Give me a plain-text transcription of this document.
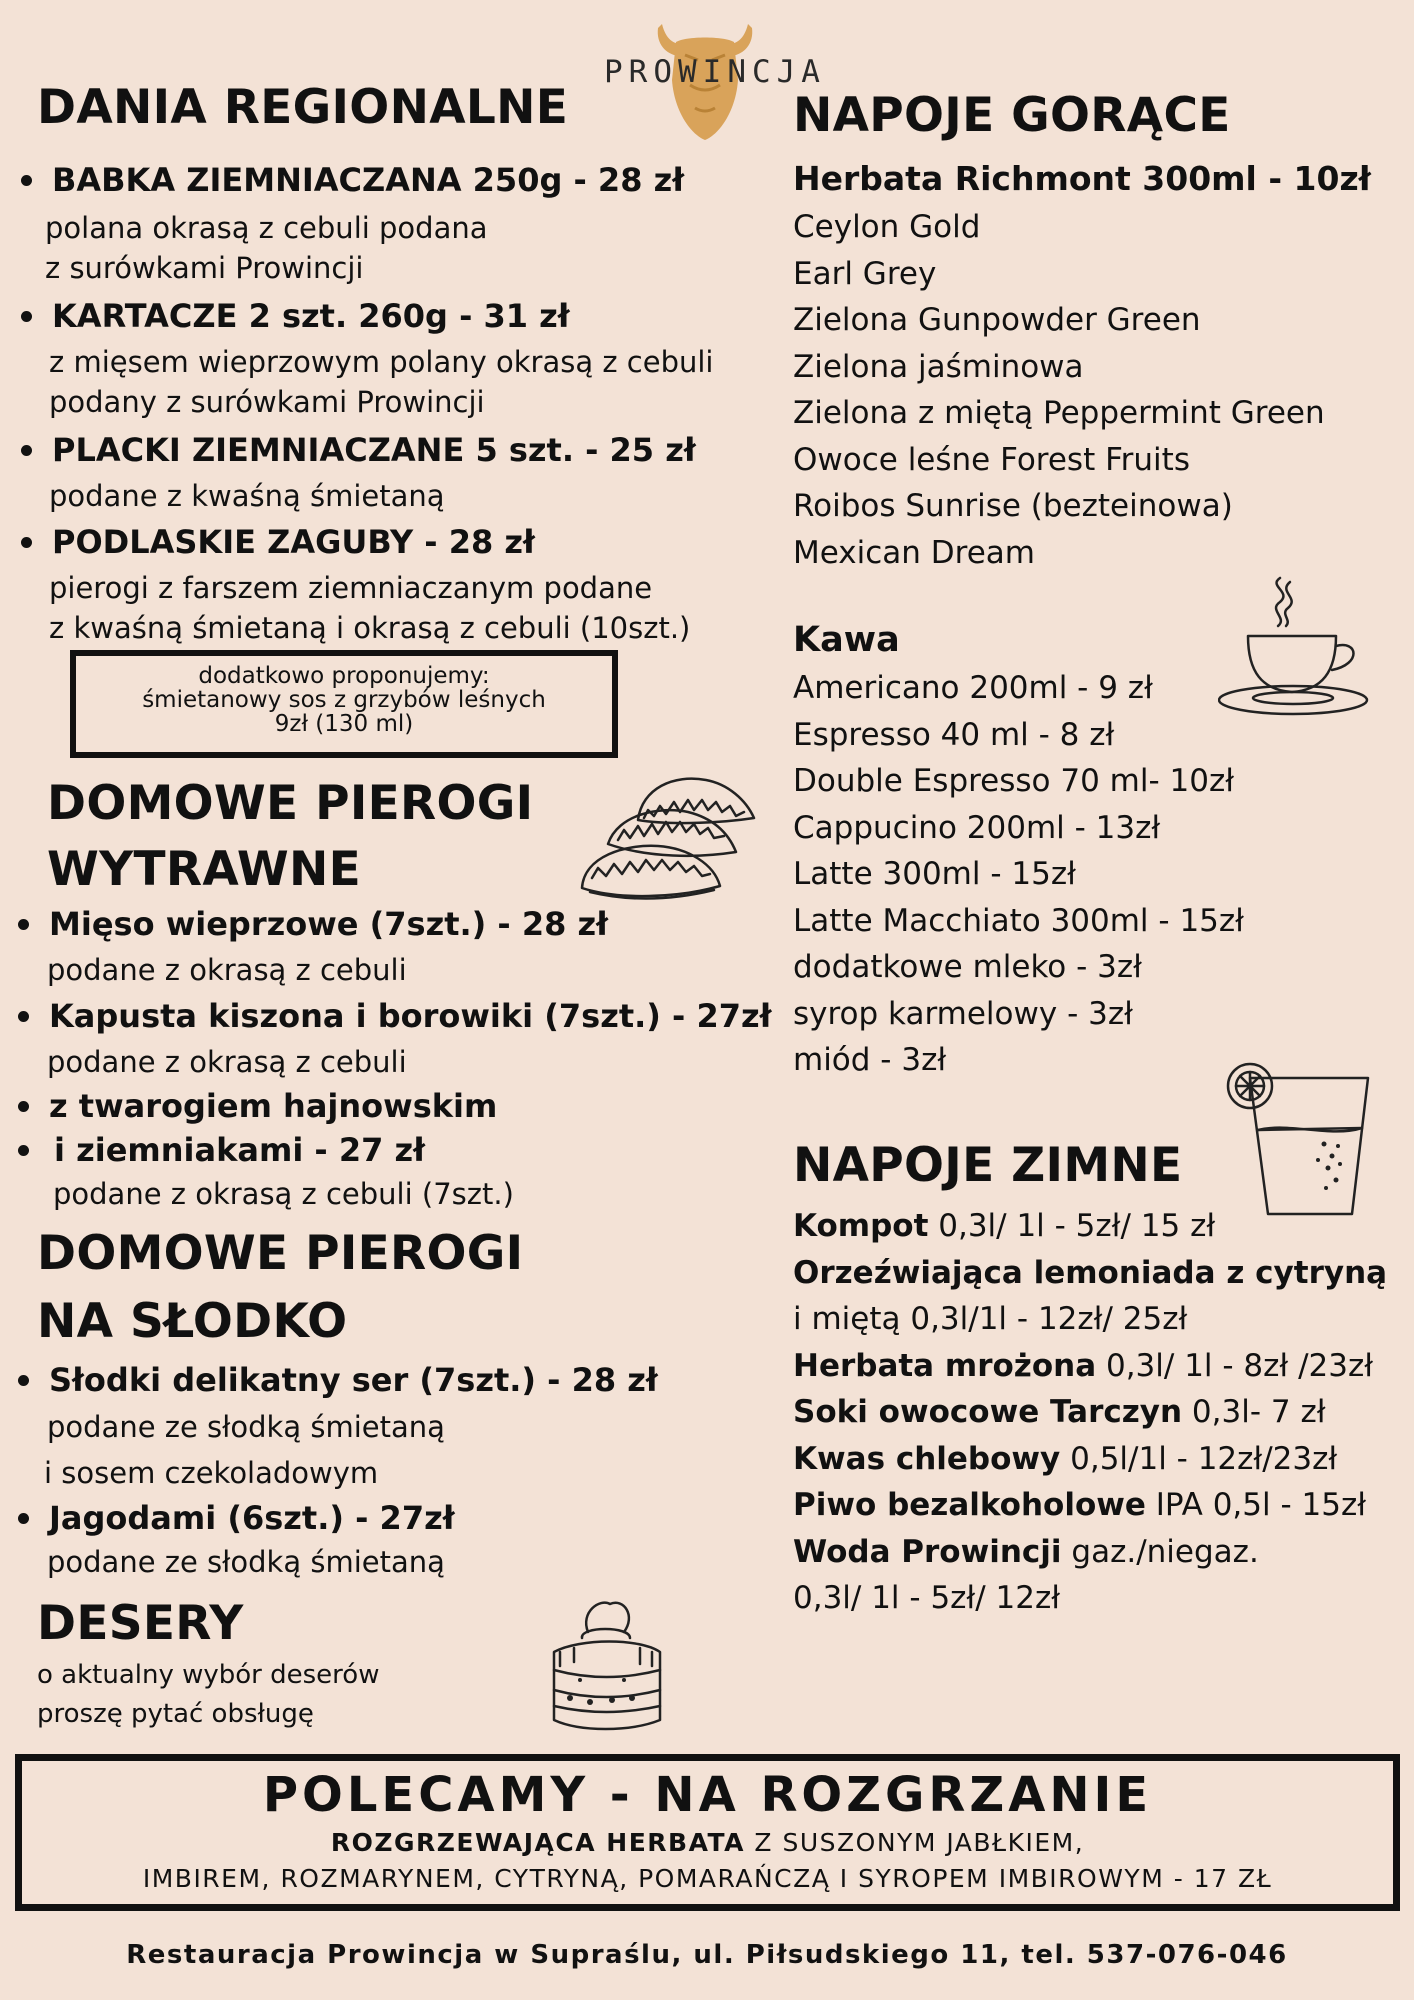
PROWINCJA
DANIA REGIONALNE
BABKA ZIEMNIACZANA 250g - 28 zł
polana okrasą z cebuli podana
z surówkami Prowincji
KARTACZE 2 szt. 260g - 31 zł
z mięsem wieprzowym polany okrasą z cebuli
podany z surówkami Prowincji
PLACKI ZIEMNIACZANE 5 szt. - 25 zł
podane z kwaśną śmietaną
PODLASKIE ZAGUBY - 28 zł
pierogi z farszem ziemniaczanym podane
z kwaśną śmietaną i okrasą z cebuli (10szt.)
dodatkowo proponujemy:
śmietanowy sos z grzybów leśnych
9zł (130 ml)
DOMOWE PIEROGI
WYTRAWNE
Mięso wieprzowe (7szt.) - 28 zł
podane z okrasą z cebuli
Kapusta kiszona i borowiki (7szt.) - 27zł
podane z okrasą z cebuli
z twarogiem hajnowskim
i ziemniakami - 27 zł
podane z okrasą z cebuli (7szt.)
DOMOWE PIEROGI
NA SŁODKO
Słodki delikatny ser (7szt.) - 28 zł
podane ze słodką śmietaną
i sosem czekoladowym
Jagodami (6szt.) - 27zł
podane ze słodką śmietaną
DESERY
o aktualny wybór deserów
proszę pytać obsługę
NAPOJE GORĄCE
Herbata Richmont 300ml - 10zł
Ceylon Gold
Earl Grey
Zielona Gunpowder Green
Zielona jaśminowa
Zielona z miętą Peppermint Green
Owoce leśne Forest Fruits
Roibos Sunrise (bezteinowa)
Mexican Dream
Kawa
Americano 200ml - 9 zł
Espresso 40 ml - 8 zł
Double Espresso 70 ml- 10zł
Cappucino 200ml - 13zł
Latte 300ml - 15zł
Latte Macchiato 300ml - 15zł
dodatkowe mleko - 3zł
syrop karmelowy - 3zł
miód - 3zł
NAPOJE ZIMNE
Kompot 0,3l/ 1l - 5zł/ 15 zł
Orzeźwiająca lemoniada z cytryną
i miętą 0,3l/1l - 12zł/ 25zł
Herbata mrożona 0,3l/ 1l - 8zł /23zł
Soki owocowe Tarczyn 0,3l- 7 zł
Kwas chlebowy 0,5l/1l - 12zł/23zł
Piwo bezalkoholowe IPA 0,5l - 15zł
Woda Prowincji gaz./niegaz.
0,3l/ 1l - 5zł/ 12zł
POLECAMY - NA ROZGRZANIE
ROZGRZEWAJĄCA HERBATA Z SUSZONYM JABŁKIEM,
IMBIREM, ROZMARYNEM, CYTRYNĄ, POMARAŃCZĄ I SYROPEM IMBIROWYM - 17 ZŁ
Restauracja Prowincja w Supraślu, ul. Piłsudskiego 11, tel. 537-076-046
